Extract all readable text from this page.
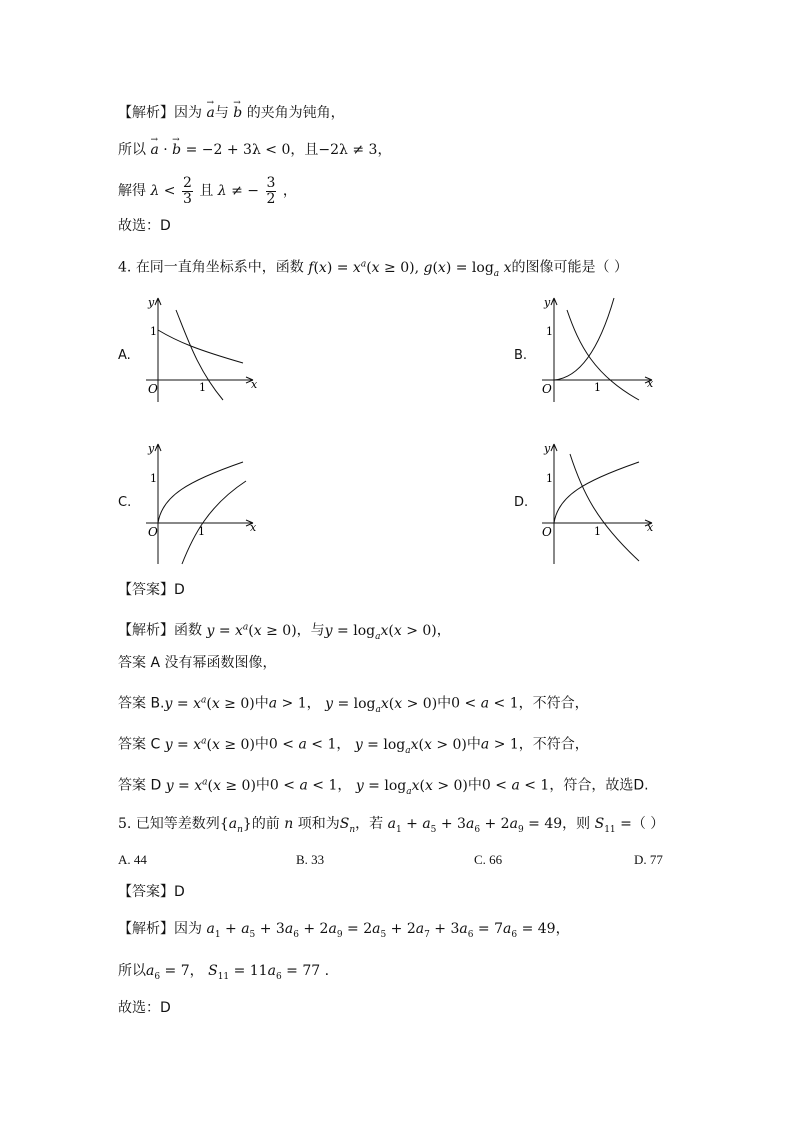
【解析】因为 → a与 → b 的夹角为钝角，
所以 → a · → b = −2 + 3λ < 0，且−2λ ≠ 3，
解得 $\lambda < \frac{2}{3}$ 且 λ ≠ − $\frac{3}{2}$ ，
故选：D
4. 在同一直角坐标系中，函数 $f(x) = x^a(x \ge 0)$, $g(x) = \log_a x$的图像可能是（ ）
A.	B.
C.	D.
y
1
O	1	x
y
1
O	1	x
y
1
O	1	x
y
1
O	1	x
【答案】D
【解析】函数 $y = x^a(x \ge 0)$，与$y = \log_ax(x > 0)$，
答案 A 没有幂函数图像，
答案 $B.y = x^a(x \ge 0)$中a > 1， $y = \log_ax(x > 0)$中0 < a < 1，不符合，
答案 C $y = x^a(x \ge 0)$中0 < a < 1， $y = \log_ax(x > 0)$中a > 1，不符合，
答案 D $y = x^a(x \ge 0)$中0 < a < 1， $y = \log_ax(x > 0)$中0 < a < 1，符合，故选D.
5. 已知等差数列$\{a_n\}$的前 n 项和为$S_n$，若 $a_1 + a_5 + 3a_6 + 2a_9 = 49$，则 $S_{11}$ =（ ）
A. 44	B. 33	C. 66	D. 77
【答案】D
【解析】因为 $a_1 + a_5 + 3a_6 + 2a_9 = 2a_5 + 2a_7 + 3a_6 = 7a_6 = 49$，
所以$a_6 = 7$， $S_{11} = 11a_6 = 77$ .
故选：D
